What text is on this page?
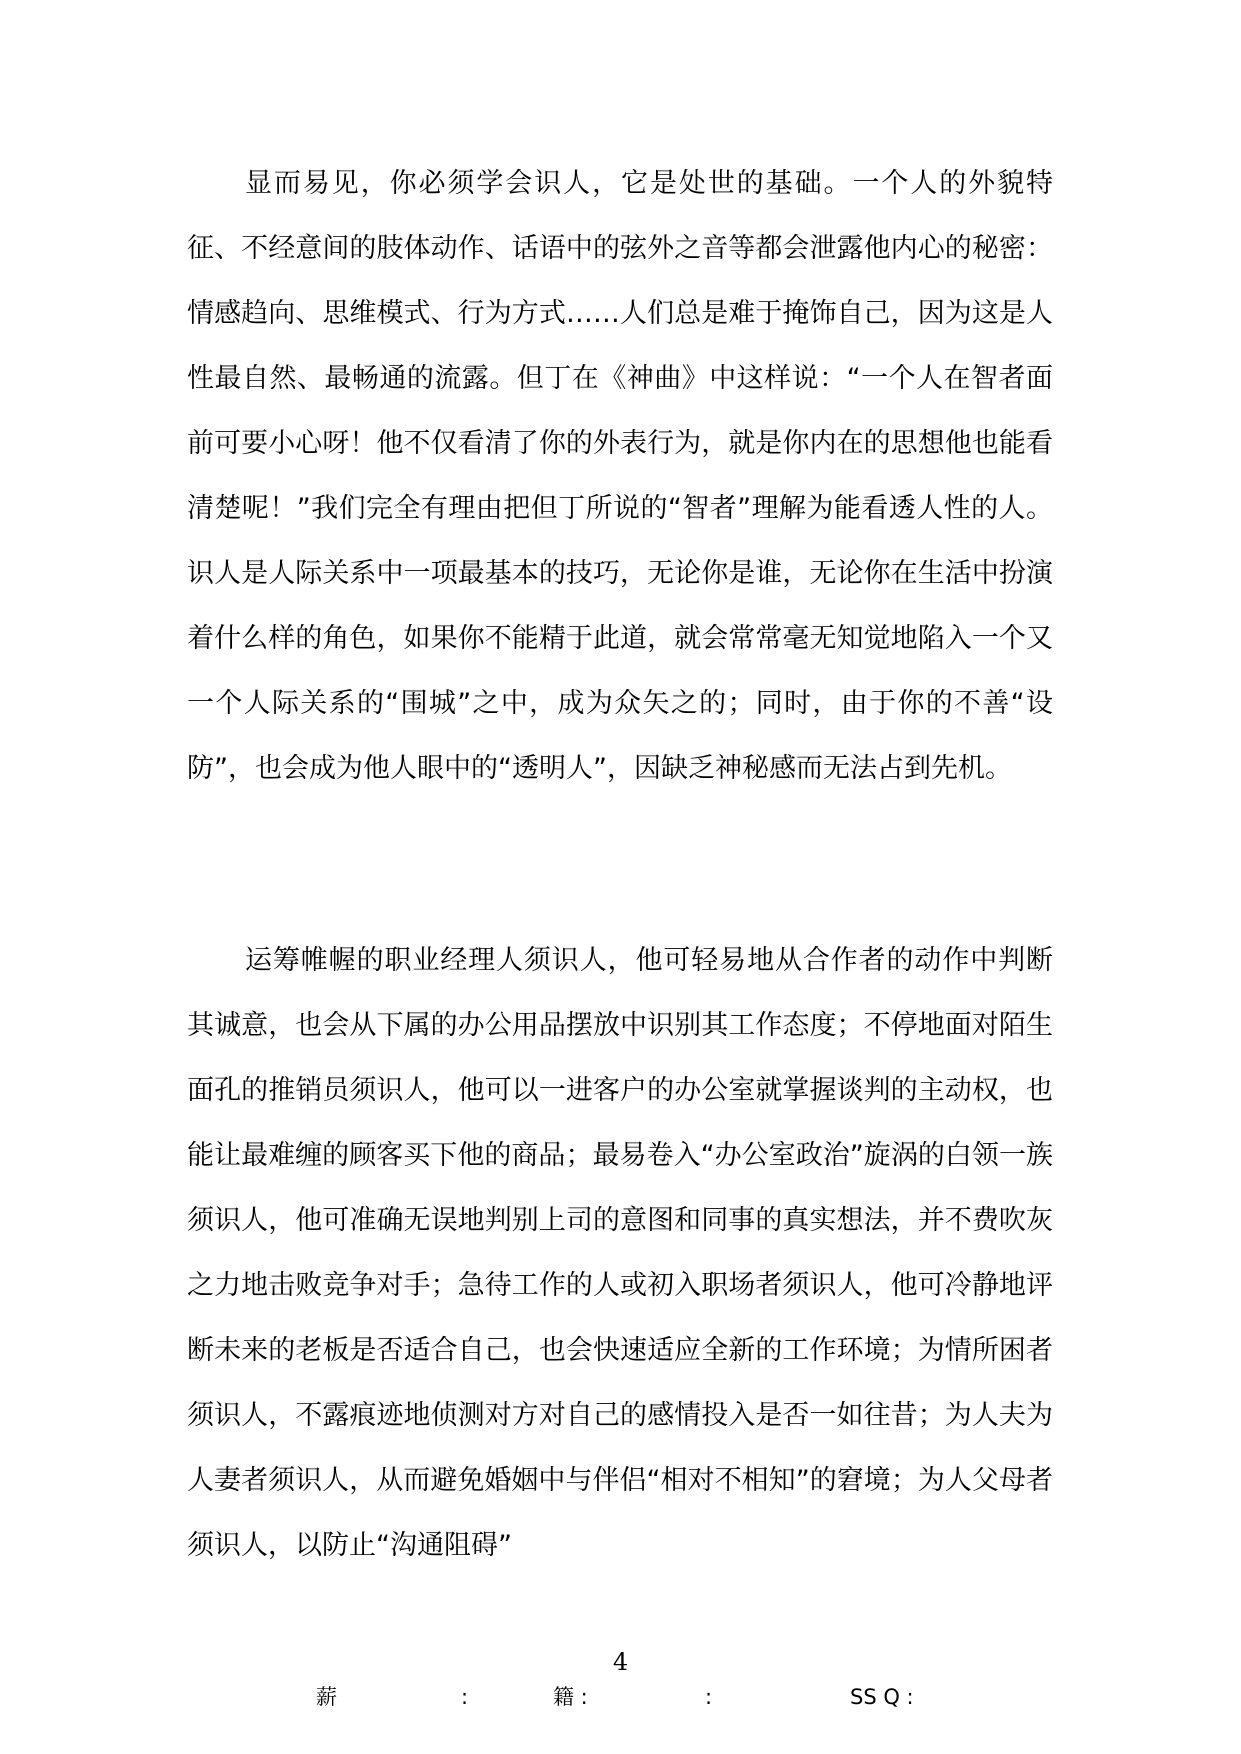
显而易见，你必须学会识人，它是处世的基础。一个人的外貌特征、不经意间的肢体动作、话语中的弦外之音等都会泄露他内心的秘密：情感趋向、思维模式、行为方式……人们总是难于掩饰自己，因为这是人性最自然、最畅通的流露。但丁在《神曲》中这样说：“一个人在智者面前可要小心呀！他不仅看清了你的外表行为，就是你内在的思想他也能看清楚呢！”我们完全有理由把但丁所说的“智者”理解为能看透人性的人。识人是人际关系中一项最基本的技巧，无论你是谁，无论你在生活中扮演着什么样的角色，如果你不能精于此道，就会常常毫无知觉地陷入一个又一个人际关系的“围城”之中，成为众矢之的；同时，由于你的不善“设防”，也会成为他人眼中的“透明人”，因缺乏神秘感而无法占到先机。

运筹帷幄的职业经理人须识人，他可轻易地从合作者的动作中判断其诚意，也会从下属的办公用品摆放中识别其工作态度；不停地面对陌生面孔的推销员须识人，他可以一进客户的办公室就掌握谈判的主动权，也能让最难缠的顾客买下他的商品；最易卷入“办公室政治”旋涡的白领一族须识人，他可准确无误地判别上司的意图和同事的真实想法，并不费吹灰之力地击败竞争对手；急待工作的人或初入职场者须识人，他可冷静地评断未来的老板是否适合自己，也会快速适应全新的工作环境；为情所困者须识人，不露痕迹地侦测对方对自己的感情投入是否一如往昔；为人夫为人妻者须识人，从而避免婚姻中与伴侣“相对不相知”的窘境；为人父母者须识人，以防止“沟通阻碍”

4
薪	:	籍 :	:	SS Q :
